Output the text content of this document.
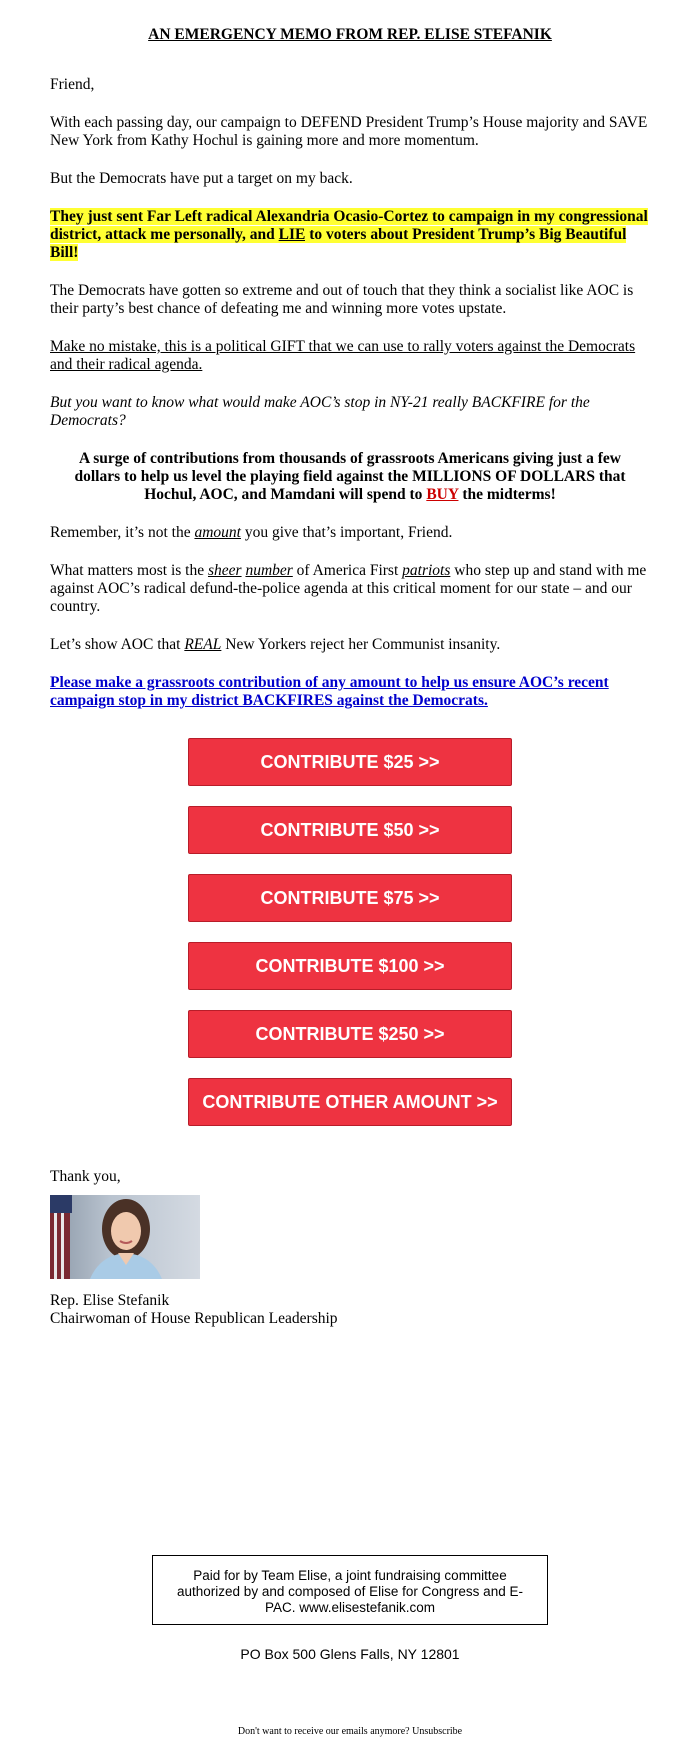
AN EMERGENCY MEMO FROM REP. ELISE STEFANIK
Friend,
With each passing day, our campaign to DEFEND President Trump’s House majority and SAVE New York from Kathy Hochul is gaining more and more momentum.
But the Democrats have put a target on my back.
They just sent Far Left radical Alexandria Ocasio-Cortez to campaign in my congressional district, attack me personally, and LIE to voters about President Trump’s Big Beautiful Bill!
The Democrats have gotten so extreme and out of touch that they think a socialist like AOC is their party’s best chance of defeating me and winning more votes upstate.
Make no mistake, this is a political GIFT that we can use to rally voters against the Democrats and their radical agenda.
But you want to know what would make AOC’s stop in NY-21 really BACKFIRE for the Democrats?
A surge of contributions from thousands of grassroots Americans giving just a few dollars to help us level the playing field against the MILLIONS OF DOLLARS that Hochul, AOC, and Mamdani will spend to BUY the midterms!
Remember, it’s not the amount you give that’s important, Friend.
What matters most is the sheer number of America First patriots who step up and stand with me against AOC’s radical defund-the-police agenda at this critical moment for our state – and our country.
Let’s show AOC that REAL New Yorkers reject her Communist insanity.
Please make a grassroots contribution of any amount to help us ensure AOC’s recent campaign stop in my district BACKFIRES against the Democrats.
CONTRIBUTE $25 >>
CONTRIBUTE $50 >>
CONTRIBUTE $75 >>
CONTRIBUTE $100 >>
CONTRIBUTE $250 >>
CONTRIBUTE OTHER AMOUNT >>
Thank you,
Rep. Elise Stefanik
Chairwoman of House Republican Leadership
Paid for by Team Elise, a joint fundraising committee authorized by and composed of Elise for Congress and E-PAC. www.elisestefanik.com
PO Box 500 Glens Falls, NY 12801
Don't want to receive our emails anymore? Unsubscribe
